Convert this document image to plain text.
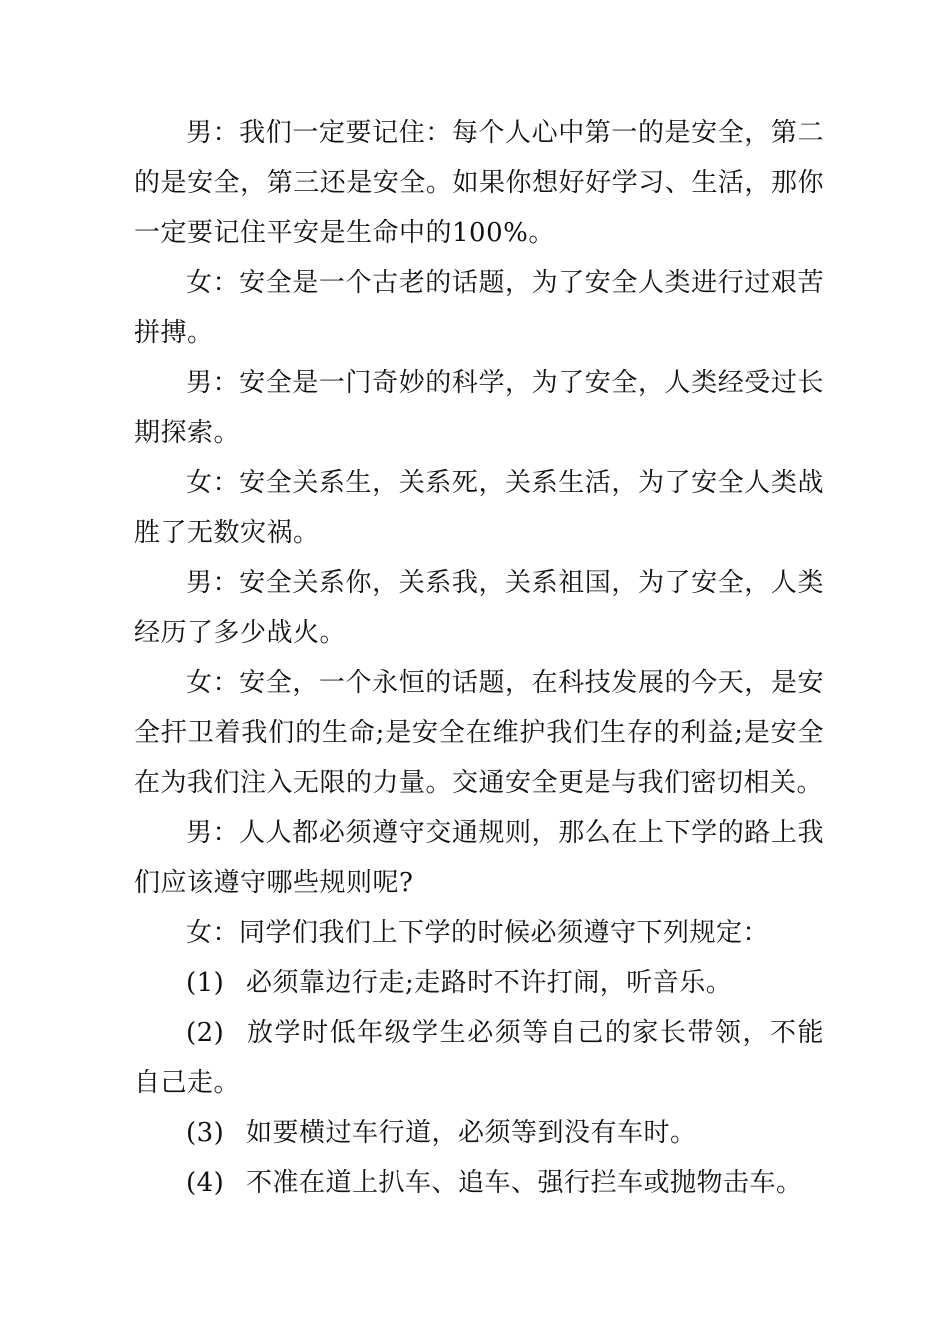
男：我们一定要记住：每个人心中第一的是安全，第二的是安全，第三还是安全。如果你想好好学习、生活，那你一定要记住平安是生命中的100%。

女：安全是一个古老的话题，为了安全人类进行过艰苦拼搏。

男：安全是一门奇妙的科学，为了安全，人类经受过长期探索。

女：安全关系生，关系死，关系生活，为了安全人类战胜了无数灾祸。

男：安全关系你，关系我，关系祖国，为了安全，人类经历了多少战火。

女：安全，一个永恒的话题，在科技发展的今天，是安全扞卫着我们的生命;是安全在维护我们生存的利益;是安全在为我们注入无限的力量。交通安全更是与我们密切相关。

男：人人都必须遵守交通规则，那么在上下学的路上我们应该遵守哪些规则呢?

女：同学们我们上下学的时候必须遵守下列规定：

(1) 必须靠边行走;走路时不许打闹，听音乐。

(2) 放学时低年级学生必须等自己的家长带领，不能自己走。

(3) 如要横过车行道，必须等到没有车时。

(4) 不准在道上扒车、追车、强行拦车或抛物击车。
